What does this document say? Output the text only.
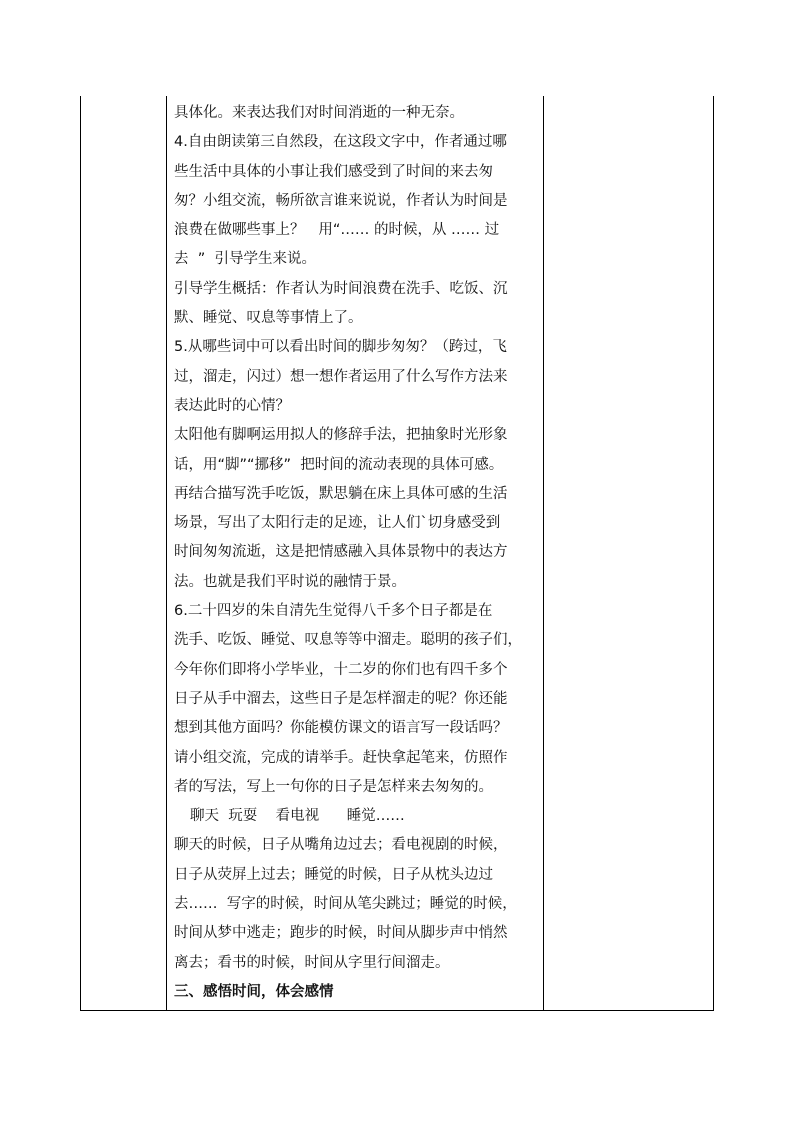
具体化。来表达我们对时间消逝的一种无奈。
4.自由朗读第三自然段，在这段文字中，作者通过哪
些生活中具体的小事让我们感受到了时间的来去匆
匆？小组交流，畅所欲言谁来说说，作者认为时间是
浪费在做哪些事上？   用“…… 的时候，从 …… 过
去  ”  引导学生来说。
引导学生概括：作者认为时间浪费在洗手、吃饭、沉
默、睡觉、叹息等事情上了。
5.从哪些词中可以看出时间的脚步匆匆？（跨过，飞
过，溜走，闪过）想一想作者运用了什么写作方法来
表达此时的心情？
太阳他有脚啊运用拟人的修辞手法，把抽象时光形象
话，用“脚”“挪移”  把时间的流动表现的具体可感。
再结合描写洗手吃饭，默思躺在床上具体可感的生活
场景，写出了太阳行走的足迹，让人们`切身感受到
时间匆匆流逝，这是把情感融入具体景物中的表达方
法。也就是我们平时说的融情于景。
6.二十四岁的朱自清先生觉得八千多个日子都是在
洗手、吃饭、睡觉、叹息等等中溜走。聪明的孩子们，
今年你们即将小学毕业，十二岁的你们也有四千多个
日子从手中溜去，这些日子是怎样溜走的呢？你还能
想到其他方面吗？你能模仿课文的语言写一段话吗？
请小组交流，完成的请举手。赶快拿起笔来，仿照作
者的写法，写上一句你的日子是怎样来去匆匆的。
聊天  玩耍    看电视      睡觉……
聊天的时候，日子从嘴角边过去；看电视剧的时候，
日子从荧屏上过去；睡觉的时候，日子从枕头边过
去……  写字的时候，时间从笔尖跳过；睡觉的时候，
时间从梦中逃走；跑步的时候，时间从脚步声中悄然
离去；看书的时候，时间从字里行间溜走。
三、感悟时间，体会感情
